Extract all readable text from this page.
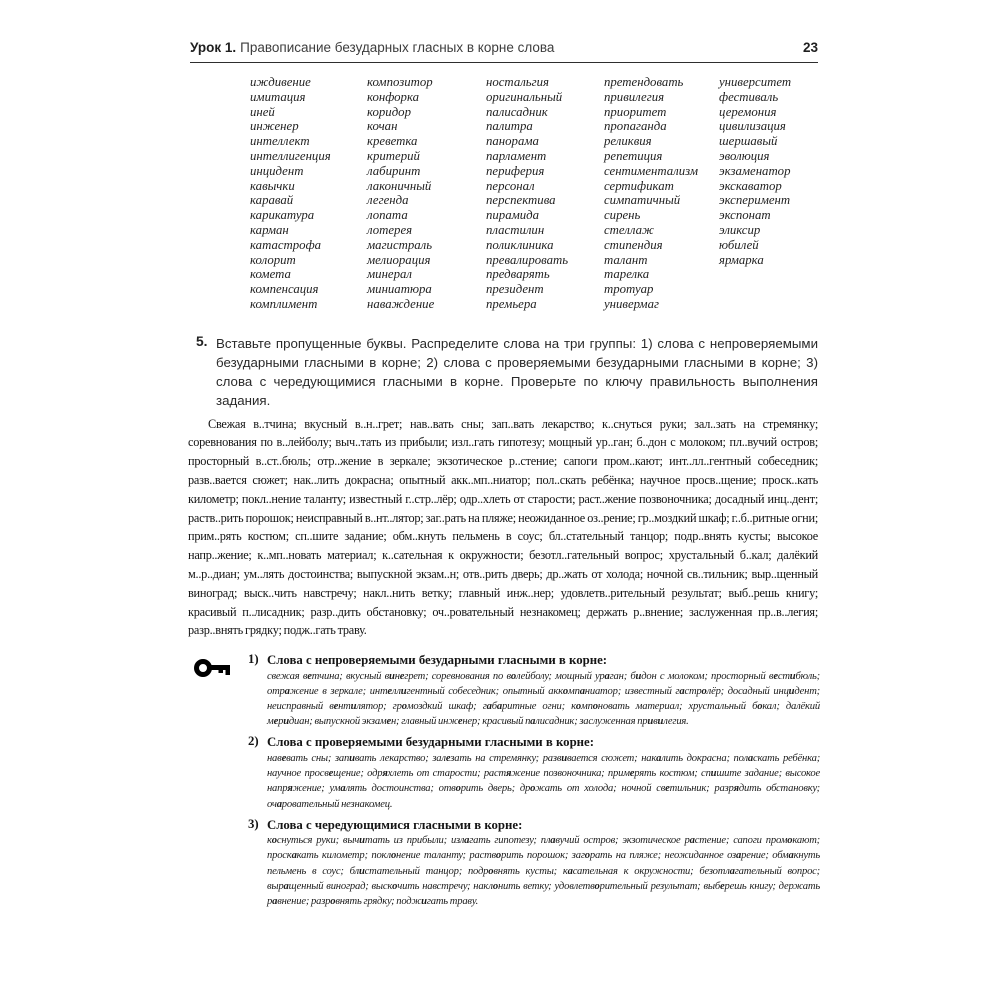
Урок 1. Правописание безударных гласных в корне слова	23
иждивение
имитация
иней
инженер
интеллект
интеллигенция
инцидент
кавычки
каравай
карикатура
карман
катастрофа
колорит
комета
компенсация
комплимент
композитор
конфорка
коридор
кочан
креветка
критерий
лабиринт
лаконичный
легенда
лопата
лотерея
магистраль
мелиорация
минерал
миниатюра
наваждение
ностальгия
оригинальный
палисадник
палитра
панорама
парламент
периферия
персонал
перспектива
пирамида
пластилин
поликлиника
превалировать
предварять
президент
премьера
претендовать
привилегия
приоритет
пропаганда
реликвия
репетиция
сентиментализм
сертификат
симпатичный
сирень
стеллаж
стипендия
талант
тарелка
тротуар
универмаг
университет
фестиваль
церемония
цивилизация
шершавый
эволюция
экзаменатор
экскаватор
эксперимент
экспонат
эликсир
юбилей
ярмарка
5. Вставьте пропущенные буквы. Распределите слова на три группы: 1) слова с непроверяемыми безударными гласными в корне; 2) слова с проверяемыми безударными гласными в корне; 3) слова с чередующимися гласными в корне. Проверьте по ключу правильность выполнения задания.

Свежая в..тчина; вкусный в..н..грет; нав..вать сны; зап..вать лекарство; к..снуться руки; зал..зать на стремянку; соревнования по в..лейболу; выч..тать из прибыли; изл..гать гипотезу; мощный ур..ган; б..дон с молоком; пл..вучий остров; просторный в..ст..бюль; отр..жение в зеркале; экзотическое р..стение; сапоги пром..кают; инт..лл..гентный собеседник; разв..вается сюжет; нак..лить докрасна; опытный акк..мп..ниатор; пол..скать ребёнка; научное просв..щение; проск..кать километр; покл..нение таланту; известный г..стр..лёр; одр..хлеть от старости; раст..жение позвоночника; досадный инц..дент; раств..рить порошок; неисправный в..нт..лятор; заг..рать на пляже; неожиданное оз..рение; гр..моздкий шкаф; г..б..ритные огни; прим..рять костюм; сп..шите задание; обм..кнуть пельмень в соус; бл..стательный танцор; подр..внять кусты; высокое напр..жение; к..мп..новать материал; к..сательная к окружности; безотл..гательный вопрос; хрустальный б..кал; далёкий м..р..диан; ум..лять достоинства; выпускной экзам..н; отв..рить дверь; др..жать от холода; ночной св..тильник; выр..щенный виноград; выск..чить навстречу; накл..нить ветку; главный инж..нер; удовлетв..рительный результат; выб..решь книгу; красивый п..лисадник; разр..дить обстановку; оч..ровательный незнакомец; держать р..внение; заслуженная пр..в..легия; разр..внять грядку; подж..гать траву.

1) Слова с непроверяемыми безударными гласными в корне:
свежая ветчина; вкусный винегрет; соревнования по волейболу; мощный ураган; бидон с молоком; просторный вестибюль; отражение в зеркале; интеллигентный собеседник; опытный аккомпаниатор; известный гастролёр; досадный инцидент; неисправный вентилятор; громоздкий шкаф; габаритные огни; компоновать материал; хрустальный бокал; далёкий меридиан; выпускной экзамен; главный инженер; красивый палисадник; заслуженная привилегия.
2) Слова с проверяемыми безударными гласными в корне:
навевать сны; запивать лекарство; залезать на стремянку; развивается сюжет; накалить докрасна; поласкать ребёнка; научное просвещение; одряхлеть от старости; растяжение позвоночника; примерять костюм; спишите задание; высокое напряжение; умалять достоинства; отворить дверь; дрожать от холода; ночной светильник; разрядить обстановку; очаровательный незнакомец.
3) Слова с чередующимися гласными в корне:
коснуться руки; вычитать из прибыли; излагать гипотезу; плавучий остров; экзотическое растение; сапоги промокают; проскакать километр; поклонение таланту; растворить порошок; загорать на пляже; неожиданное озарение; обмакнуть пельмень в соус; блистательный танцор; подровнять кусты; касательная к окружности; безотлагательный вопрос; выращенный виноград; выскочить навстречу; наклонить ветку; удовлетворительный результат; выберешь книгу; держать равнение; разровнять грядку; поджигать траву.
